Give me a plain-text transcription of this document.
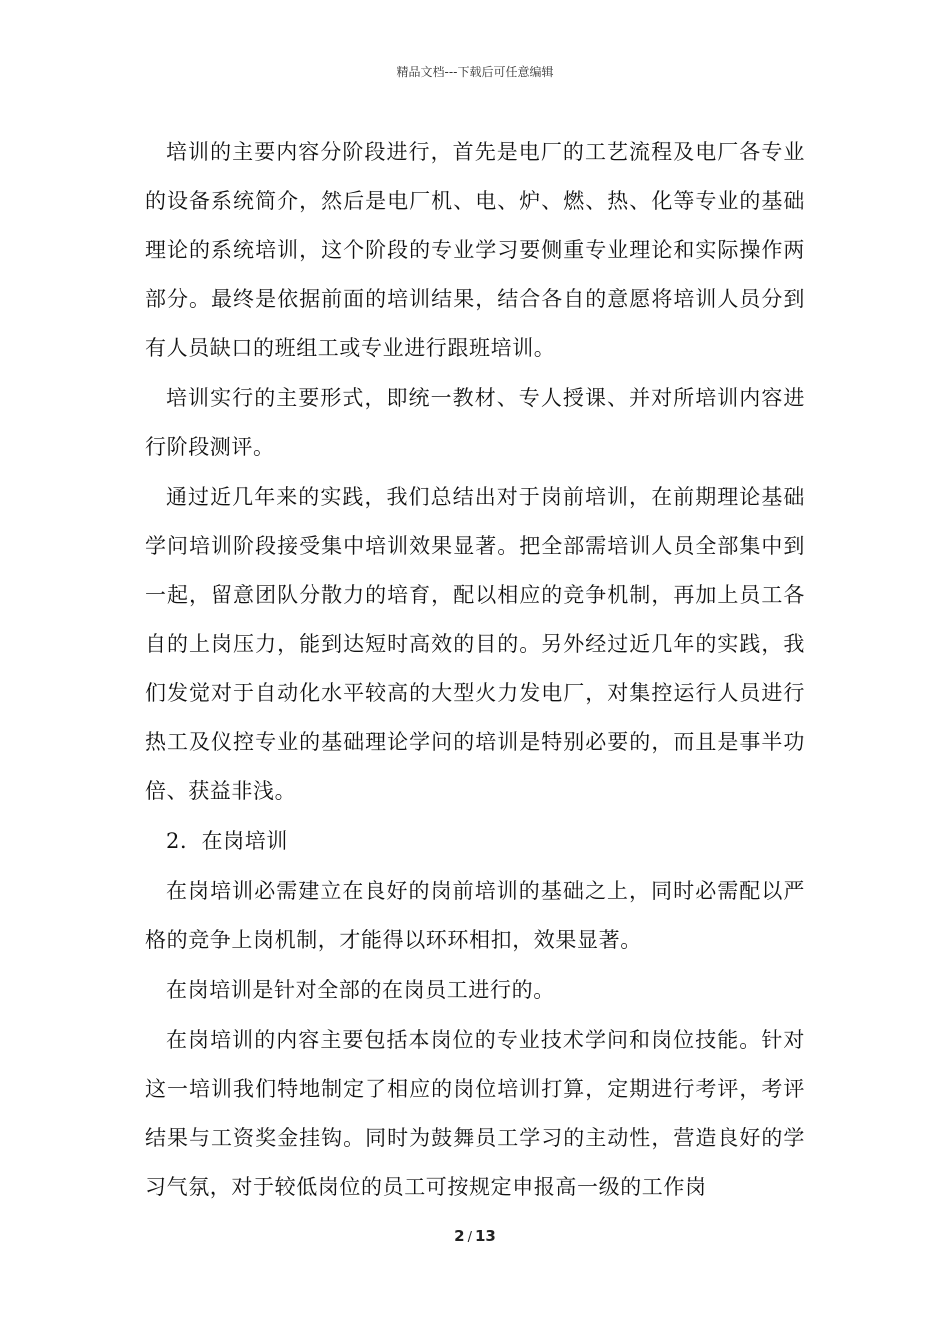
精品文档---下载后可任意编辑

培训的主要内容分阶段进行，首先是电厂的工艺流程及电厂各专业的设备系统简介，然后是电厂机、电、炉、燃、热、化等专业的基础理论的系统培训，这个阶段的专业学习要侧重专业理论和实际操作两部分。最终是依据前面的培训结果，结合各自的意愿将培训人员分到有人员缺口的班组工或专业进行跟班培训。

培训实行的主要形式，即统一教材、专人授课、并对所培训内容进行阶段测评。

通过近几年来的实践，我们总结出对于岗前培训，在前期理论基础学问培训阶段接受集中培训效果显著。把全部需培训人员全部集中到一起，留意团队分散力的培育，配以相应的竞争机制，再加上员工各自的上岗压力，能到达短时高效的目的。另外经过近几年的实践，我们发觉对于自动化水平较高的大型火力发电厂，对集控运行人员进行热工及仪控专业的基础理论学问的培训是特别必要的，而且是事半功倍、获益非浅。

2．在岗培训

在岗培训必需建立在良好的岗前培训的基础之上，同时必需配以严格的竞争上岗机制，才能得以环环相扣，效果显著。

在岗培训是针对全部的在岗员工进行的。

在岗培训的内容主要包括本岗位的专业技术学问和岗位技能。针对这一培训我们特地制定了相应的岗位培训打算，定期进行考评，考评结果与工资奖金挂钩。同时为鼓舞员工学习的主动性，营造良好的学习气氛，对于较低岗位的员工可按规定申报高一级的工作岗

2 / 13
